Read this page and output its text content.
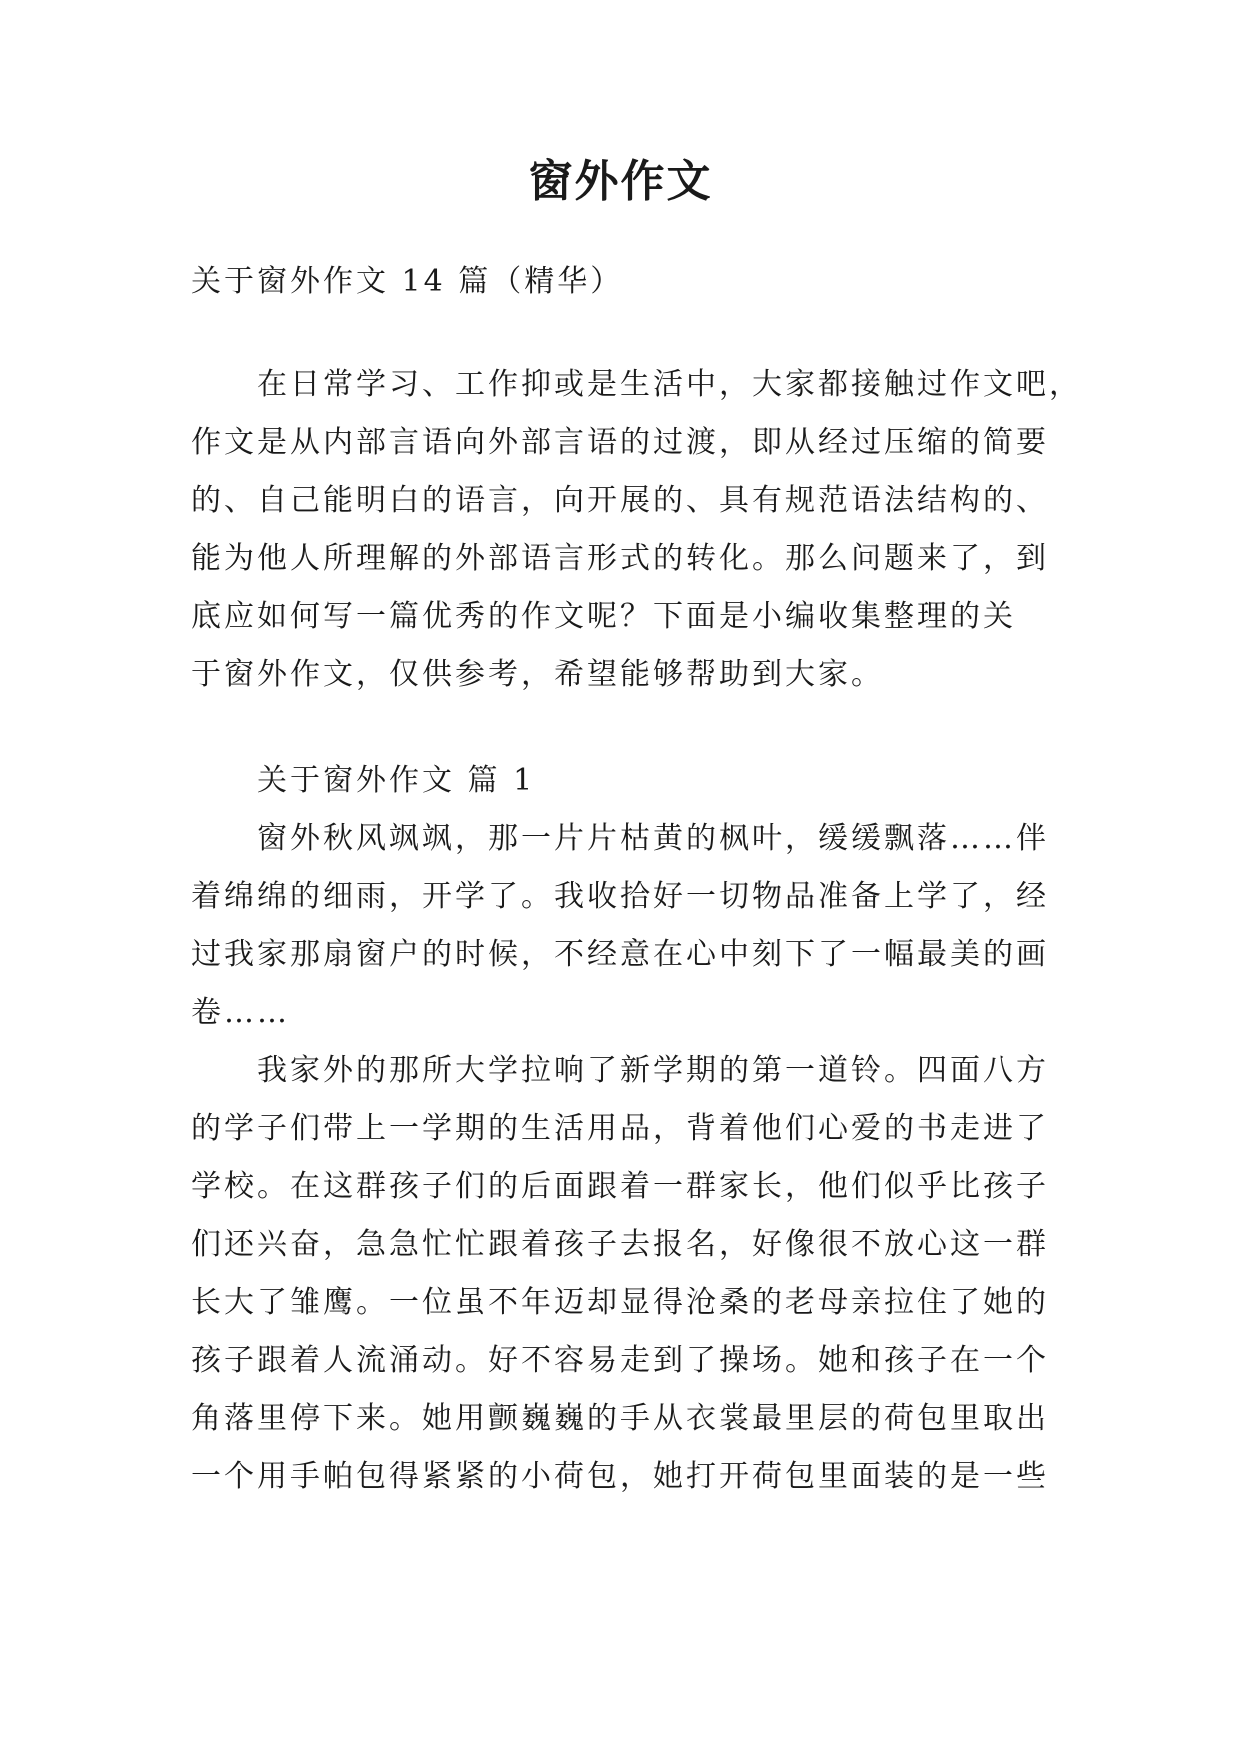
窗外作文

关于窗外作文 14 篇（精华）

在日常学习、工作抑或是生活中，大家都接触过作文吧，
作文是从内部言语向外部言语的过渡，即从经过压缩的简要
的、自己能明白的语言，向开展的、具有规范语法结构的、
能为他人所理解的外部语言形式的转化。那么问题来了，到
底应如何写一篇优秀的作文呢？下面是小编收集整理的关
于窗外作文，仅供参考，希望能够帮助到大家。
关于窗外作文 篇 1
窗外秋风飒飒，那一片片枯黄的枫叶，缓缓飘落……伴
着绵绵的细雨，开学了。我收拾好一切物品准备上学了，经
过我家那扇窗户的时候，不经意在心中刻下了一幅最美的画
卷……
我家外的那所大学拉响了新学期的第一道铃。四面八方
的学子们带上一学期的生活用品，背着他们心爱的书走进了
学校。在这群孩子们的后面跟着一群家长，他们似乎比孩子
们还兴奋，急急忙忙跟着孩子去报名，好像很不放心这一群
长大了雏鹰。一位虽不年迈却显得沧桑的老母亲拉住了她的
孩子跟着人流涌动。好不容易走到了操场。她和孩子在一个
角落里停下来。她用颤巍巍的手从衣裳最里层的荷包里取出
一个用手帕包得紧紧的小荷包，她打开荷包里面装的是一些
